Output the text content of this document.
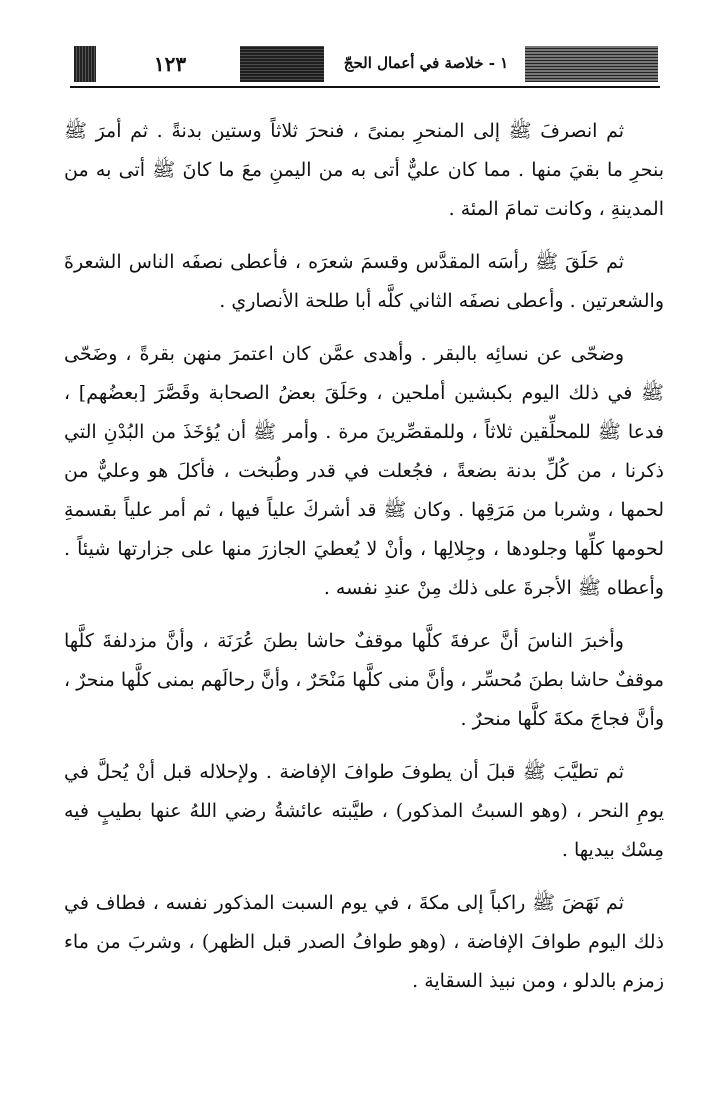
١٢٣	١ - خلاصة في أعمال الحجّ

ثم انصرفَ ﷺ إلى المنحرِ بمنىً ، فنحرَ ثلاثاً وستين بدنةً . ثم أمرَ ﷺ بنحرِ ما بقيَ منها . مما كان عليٌّ أتى به من اليمنِ معَ ما كانَ ﷺ أتى به من المدينةِ ، وكانت تمامَ المئة .

ثم حَلَقَ ﷺ رأسَه المقدَّس وقسمَ شعرَه ، فأعطى نصفَه الناس الشعرةَ والشعرتين . وأعطى نصفَه الثاني كلَّه أبا طلحة الأنصاري .

وضحّى عن نسائِه بالبقر . وأهدى عمَّن كان اعتمرَ منهن بقرةً ، وضَحّى ﷺ في ذلك اليوم بكبشين أملحين ، وحَلَقَ بعضُ الصحابة وقَصَّرَ [بعضُهم] ، فدعا ﷺ للمحلِّقين ثلاثاً ، وللمقصِّرينَ مرة . وأمر ﷺ أن يُؤخَذَ من البُدْنِ التي ذكرنا ، من كُلِّ بدنة بضعةً ، فجُعلت في قدر وطُبخت ، فأكلَ هو وعليٌّ من لحمها ، وشربا من مَرَقِها . وكان ﷺ قد أشركَ علياً فيها ، ثم أمر علياً بقسمةِ لحومها كلِّها وجلودها ، وجِلالِها ، وأنْ لا يُعطيَ الجازرَ منها على جزارتها شيئاً . وأعطاه ﷺ الأجرةَ على ذلك مِنْ عندِ نفسه .

وأخبرَ الناسَ أنَّ عرفةَ كلَّها موقفٌ حاشا بطنَ عُرَنَة ، وأنَّ مزدلفةَ كلَّها موقفٌ حاشا بطنَ مُحسِّر ، وأنَّ منى كلَّها مَنْحَرٌ ، وأنَّ رحالَهم بمنى كلَّها منحرٌ ، وأنَّ فجاجَ مكةَ كلَّها منحرٌ .

ثم تطيَّبَ ﷺ قبلَ أن يطوفَ طوافَ الإفاضة . ولإحلاله قبل أنْ يُحلَّ في يومِ النحر ، (وهو السبتُ المذكور) ، طيَّبته عائشةُ رضي اللهُ عنها بطيبٍ فيه مِسْك بيديها .

ثم نَهَضَ ﷺ راكباً إلى مكةَ ، في يوم السبت المذكور نفسه ، فطاف في ذلك اليوم طوافَ الإفاضة ، (وهو طوافُ الصدر قبل الظهر) ، وشربَ من ماء زمزم بالدلو ، ومن نبيذ السقاية .
